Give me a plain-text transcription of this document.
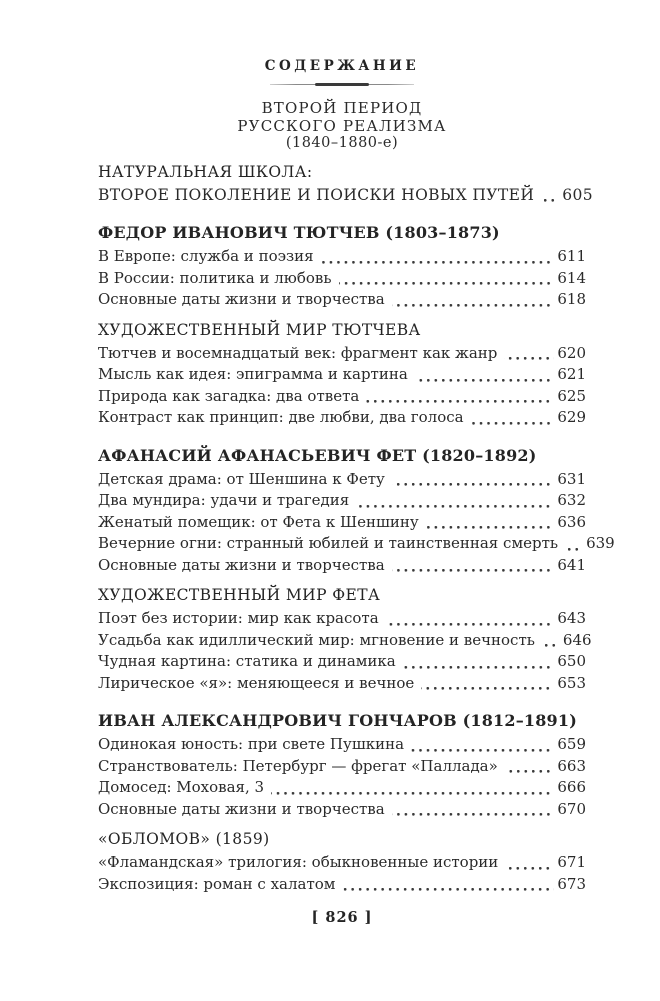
СОДЕРЖАНИЕ
ВТОРОЙ ПЕРИОД
РУССКОГО РЕАЛИЗМА
(1840–1880-е)
НАТУРАЛЬНАЯ ШКОЛА:
ВТОРОЕ ПОКОЛЕНИЕ И ПОИСКИ НОВЫХ ПУТЕЙ 605
ФЕДОР ИВАНОВИЧ ТЮТЧЕВ (1803–1873)
В Европе: служба и поэзия	611
В России: политика и любовь	614
Основные даты жизни и творчества	618
ХУДОЖЕСТВЕННЫЙ МИР ТЮТЧЕВА
Тютчев и восемнадцатый век: фрагмент как жанр	620
Мысль как идея: эпиграмма и картина	621
Природа как загадка: два ответа	625
Контраст как принцип: две любви, два голоса	629
АФАНАСИЙ АФАНАСЬЕВИЧ ФЕТ (1820–1892)
Детская драма: от Шеншина к Фету	631
Два мундира: удачи и трагедия	632
Женатый помещик: от Фета к Шеншину	636
Вечерние огни: странный юбилей и таинственная смерть 639
Основные даты жизни и творчества	641
ХУДОЖЕСТВЕННЫЙ МИР ФЕТА
Поэт без истории: мир как красота	643
Усадьба как идиллический мир: мгновение и вечность 646
Чудная картина: статика и динамика	650
Лирическое «я»: меняющееся и вечное	653
ИВАН АЛЕКСАНДРОВИЧ ГОНЧАРОВ (1812–1891)
Одинокая юность: при свете Пушкина	659
Странствователь: Петербург — фрегат «Паллада»	663
Домосед: Моховая, 3	666
Основные даты жизни и творчества	670
«ОБЛОМОВ» (1859)
«Фламандская» трилогия: обыкновенные истории	671
Экспозиция: роман с халатом	673
[ 826 ]
